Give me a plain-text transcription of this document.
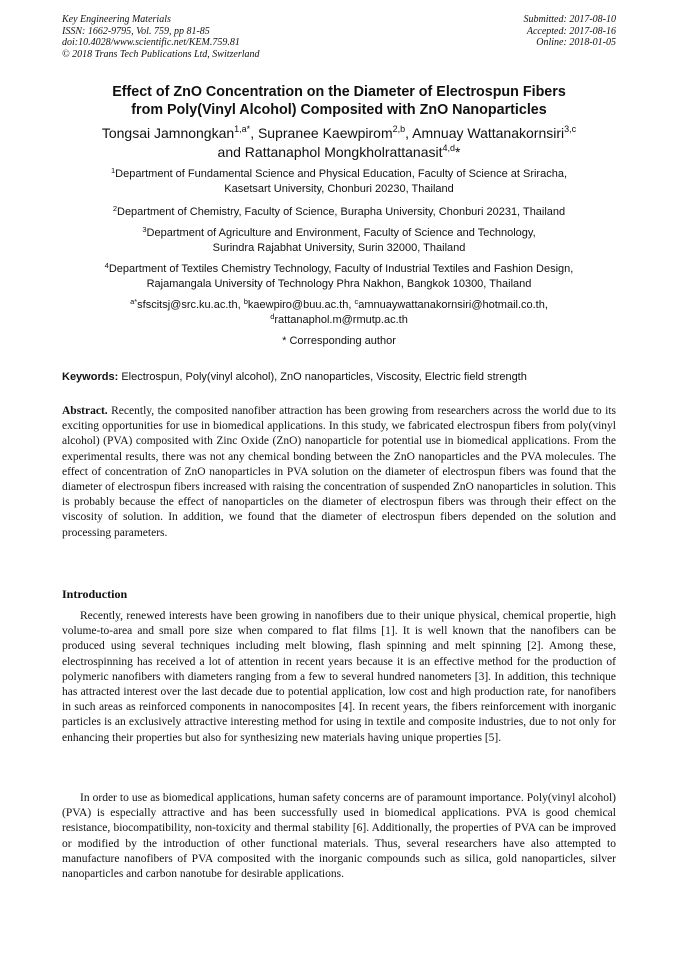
Key Engineering Materials
ISSN: 1662-9795, Vol. 759, pp 81-85
doi:10.4028/www.scientific.net/KEM.759.81
© 2018 Trans Tech Publications Ltd, Switzerland
Submitted: 2017-08-10
Accepted: 2017-08-16
Online: 2018-01-05
Effect of ZnO Concentration on the Diameter of Electrospun Fibers
from Poly(Vinyl Alcohol) Composited with ZnO Nanoparticles
Tongsai Jamnongkan$^{1,a*}$, Supranee Kaewpirom$^{2,b}$, Amnuay Wattanakornsiri$^{3,c}$
and Rattanaphol Mongkholrattanasit$^{4,d}$*
$^1$Department of Fundamental Science and Physical Education, Faculty of Science at Sriracha,
Kasetsart University, Chonburi 20230, Thailand
$^2$Department of Chemistry, Faculty of Science, Burapha University, Chonburi 20231, Thailand
$^3$Department of Agriculture and Environment, Faculty of Science and Technology,
Surindra Rajabhat University, Surin 32000, Thailand
$^4$Department of Textiles Chemistry Technology, Faculty of Industrial Textiles and Fashion Design,
Rajamangala University of Technology Phra Nakhon, Bangkok 10300, Thailand
$^{a*}$sfscitsj@src.ku.ac.th, $^b$kaewpiro@buu.ac.th, $^c$amnuaywattanakornsiri@hotmail.co.th,
$^d$rattanaphol.m@rmutp.ac.th
* Corresponding author
Keywords: Electrospun, Poly(vinyl alcohol), ZnO nanoparticles, Viscosity, Electric field strength
Abstract. Recently, the composited nanofiber attraction has been growing from researchers across the world due to its exciting opportunities for use in biomedical applications. In this study, we fabricated electrospun fibers from poly(vinyl alcohol) (PVA) composited with Zinc Oxide (ZnO) nanoparticle for potential use in biomedical applications. From the experimental results, there was not any chemical bonding between the ZnO nanoparticles and the PVA molecules. The effect of concentration of ZnO nanoparticles in PVA solution on the diameter of electrospun fibers was found that the diameter of electrospun fibers increased with raising the concentration of suspended ZnO nanoparticles in solution. This is probably because the effect of nanoparticles on the diameter of electrospun fibers was through their effect on the viscosity of solution. In addition, we found that the diameter of electrospun fibers depended on the solution and processing parameters.
Introduction
Recently, renewed interests have been growing in nanofibers due to their unique physical, chemical propertie, high volume-to-area and small pore size when compared to flat films [1]. It is well known that the nanofibers can be produced using several techniques including melt blowing, flash spinning and melt spinning [2]. Among these, electrospinning has received a lot of attention in recent years because it is an effective method for the production of polymeric nanofibers with diameters ranging from a few to several hundred nanometers [3]. In addition, this technique has attracted interest over the last decade due to potential application, low cost and high production rate, for nanofibers in such areas as reinforced components in nanocomposites [4]. In recent years, the fibers reinforcement with inorganic particles is an exclusively attractive interesting method for using in textile and composite industries, due to not only for enhancing their properties but also for synthesizing new materials having unique properties [5].
In order to use as biomedical applications, human safety concerns are of paramount importance. Poly(vinyl alcohol) (PVA) is especially attractive and has been successfully used in biomedical applications. PVA is good chemical resistance, biocompatibility, non-toxicity and thermal stability [6]. Additionally, the properties of PVA can be improved or modified by the introduction of other functional materials. Thus, several researchers have also attempted to manufacture nanofibers of PVA composited with the inorganic compounds such as silica, gold nanoparticles, silver nanoparticles and carbon nanotube for desirable applications.
